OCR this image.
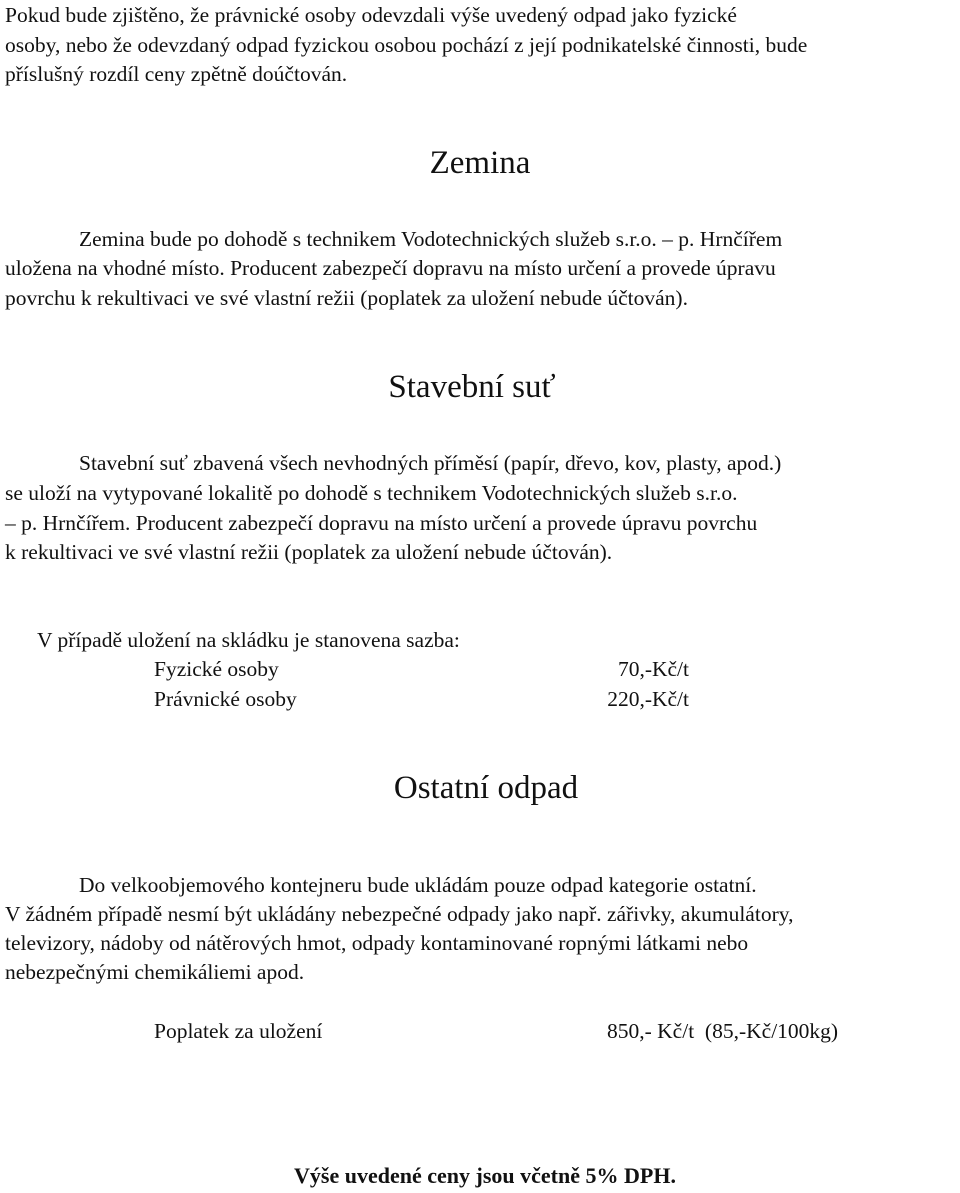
Pokud bude zjištěno, že právnické osoby odevzdali výše uvedený odpad jako fyzické

osoby, nebo že odevzdaný odpad fyzickou osobou pochází z její podnikatelské činnosti, bude

příslušný rozdíl ceny zpětně doúčtován.

Zemina

Zemina bude po dohodě s technikem Vodotechnických služeb s.r.o. – p. Hrnčířem

uložena na vhodné místo. Producent zabezpečí dopravu na místo určení a provede úpravu

povrchu k rekultivaci ve své vlastní režii (poplatek za uložení nebude účtován).

Stavební suť

Stavební suť zbavená všech nevhodných příměsí (papír, dřevo, kov, plasty, apod.)

se uloží na vytypované lokalitě po dohodě s technikem Vodotechnických služeb s.r.o.

– p. Hrnčířem. Producent zabezpečí dopravu na místo určení a provede úpravu povrchu

k rekultivaci ve své vlastní režii (poplatek za uložení nebude účtován).

V případě uložení na skládku je stanovena sazba:
Fyzické osoby	70,-Kč/t
Právnické osoby	220,-Kč/t
Ostatní odpad

Do velkoobjemového kontejneru bude ukládám pouze odpad kategorie ostatní.

V žádném případě nesmí být ukládány nebezpečné odpady jako např. zářivky, akumulátory,

televizory, nádoby od nátěrových hmot, odpady kontaminované ropnými látkami nebo

nebezpečnými chemikáliemi apod.

Poplatek za uložení	850,- Kč/t  (85,-Kč/100kg)
Výše uvedené ceny jsou včetně 5% DPH.
